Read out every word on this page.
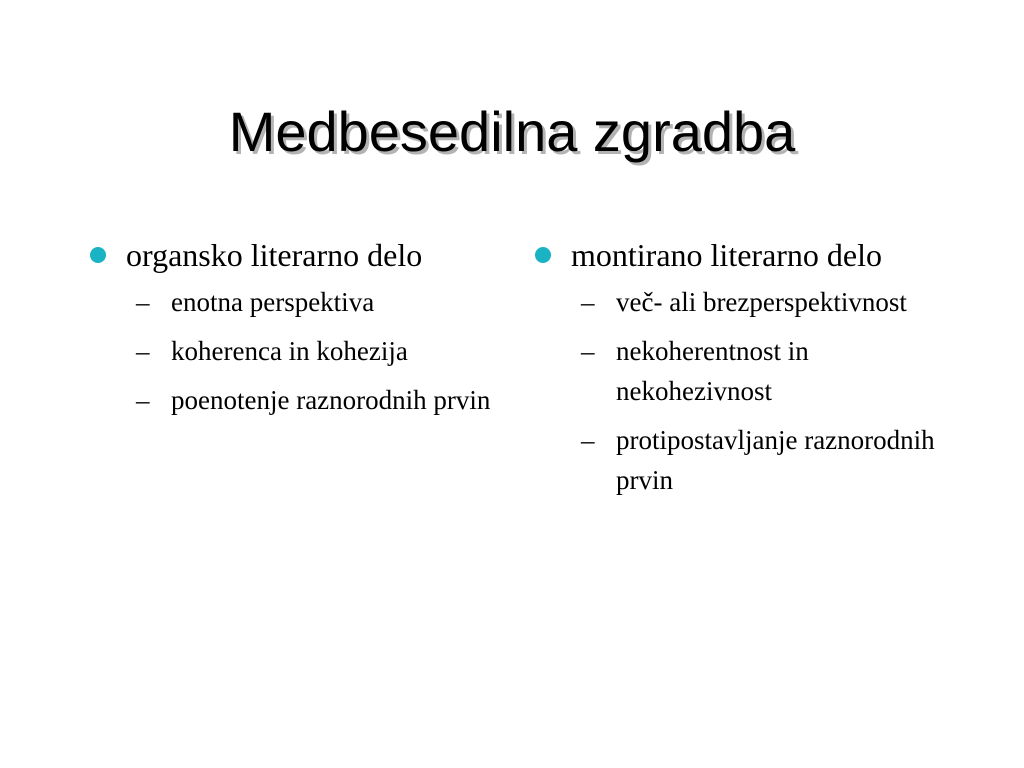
Medbesedilna zgradba
organsko literarno delo
– enotna perspektiva
– koherenca in kohezija
– poenotenje raznorodnih prvin
montirano literarno delo
– več- ali brezperspektivnost
– nekoherentnost in nekohezivnost
– protipostavljanje raznorodnih prvin
